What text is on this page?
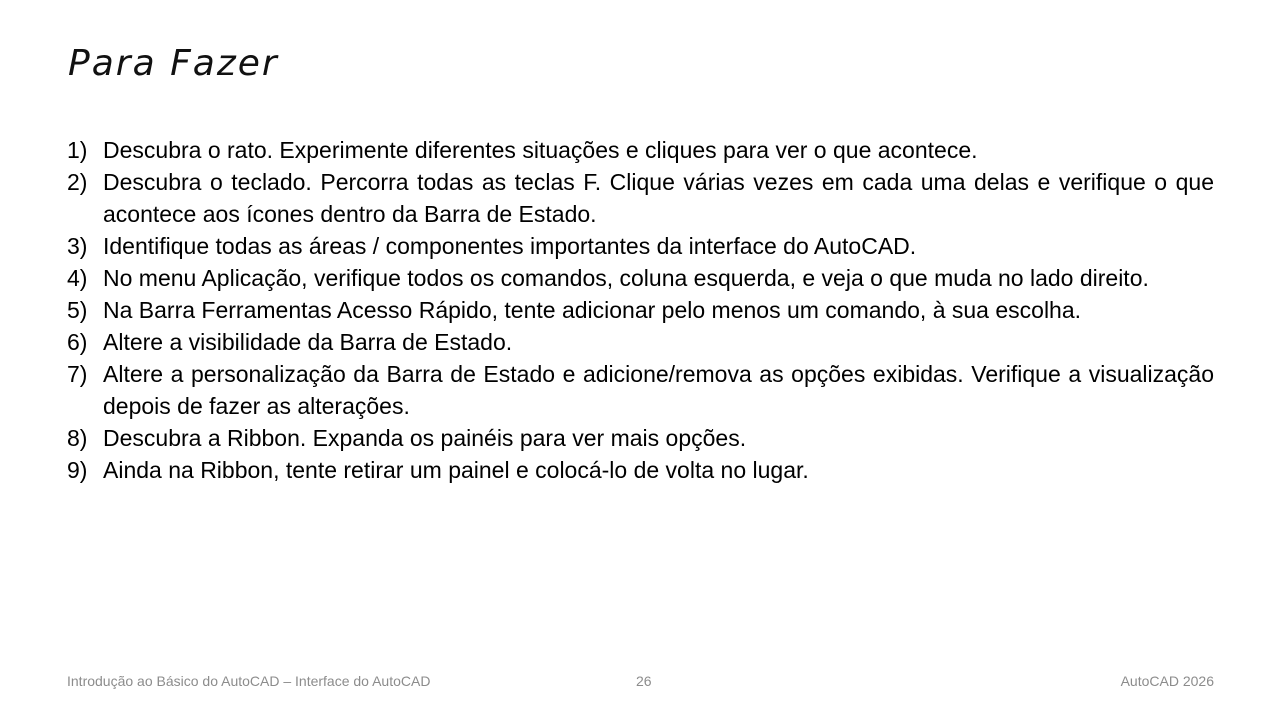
Para Fazer
1) Descubra o rato. Experimente diferentes situações e cliques para ver o que acontece.
2) Descubra o teclado. Percorra todas as teclas F. Clique várias vezes em cada uma delas e verifique o que acontece aos ícones dentro da Barra de Estado.
3) Identifique todas as áreas / componentes importantes da interface do AutoCAD.
4) No menu Aplicação, verifique todos os comandos, coluna esquerda, e veja o que muda no lado direito.
5) Na Barra Ferramentas Acesso Rápido, tente adicionar pelo menos um comando, à sua escolha.
6) Altere a visibilidade da Barra de Estado.
7) Altere a personalização da Barra de Estado e adicione/remova as opções exibidas. Verifique a visualização depois de fazer as alterações.
8) Descubra a Ribbon. Expanda os painéis para ver mais opções.
9) Ainda na Ribbon, tente retirar um painel e colocá-lo de volta no lugar.
Introdução ao Básico do AutoCAD – Interface do AutoCAD	26	AutoCAD 2026
